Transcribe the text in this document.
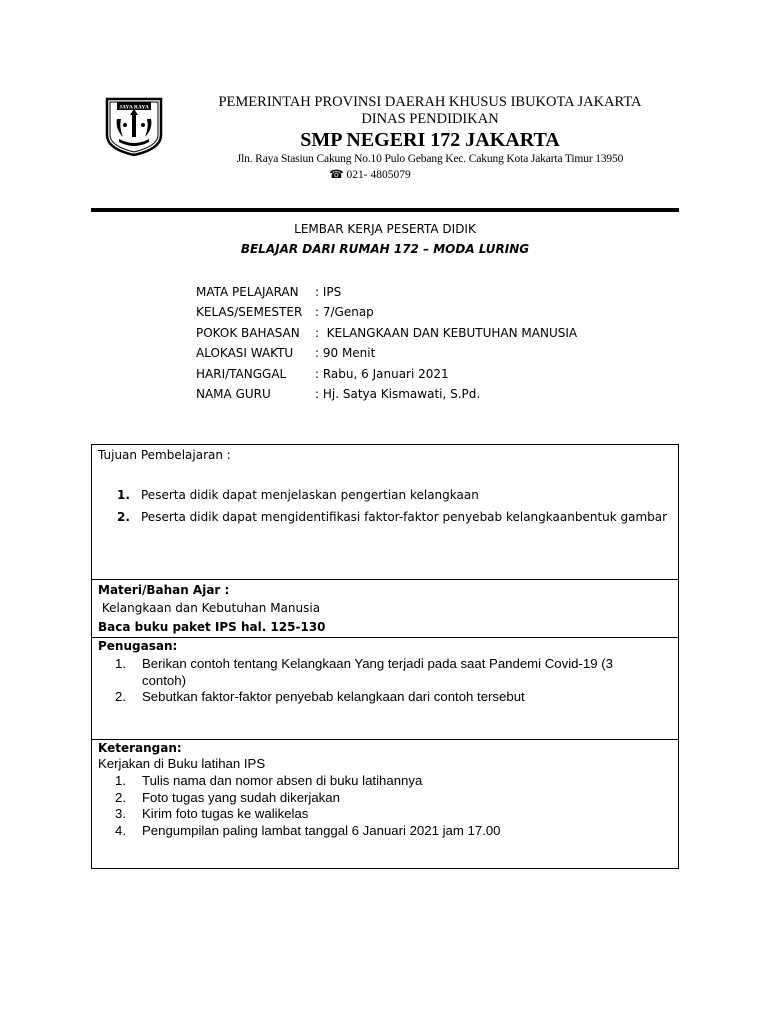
JAYA RAYA	PEMERINTAH PROVINSI DAERAH KHUSUS IBUKOTA JAKARTA
DINAS PENDIDIKAN
SMP NEGERI 172 JAKARTA
Jln. Raya Stasiun Cakung No.10 Pulo Gebang Kec. Cakung Kota Jakarta Timur 13950
☎ 021- 4805079
LEMBAR KERJA PESERTA DIDIK
BELAJAR DARI RUMAH 172 – MODA LURING
MATA PELAJARAN	: IPS
KELAS/SEMESTER	: 7/Genap
POKOK BAHASAN	:  KELANGKAAN DAN KEBUTUHAN MANUSIA
ALOKASI WAKTU	: 90 Menit
HARI/TANGGAL	: Rabu, 6 Januari 2021
NAMA GURU	: Hj. Satya Kismawati, S.Pd.
Tujuan Pembelajaran :
1. Peserta didik dapat menjelaskan pengertian kelangkaan
2. Peserta didik dapat mengidentifikasi faktor-faktor penyebab kelangkaanbentuk gambar
Materi/Bahan Ajar :
Kelangkaan dan Kebutuhan Manusia
Baca buku paket IPS hal. 125-130
Penugasan:
1.	Berikan contoh tentang Kelangkaan Yang terjadi pada saat Pandemi Covid-19 (3 contoh)
2.	Sebutkan faktor-faktor penyebab kelangkaan dari contoh tersebut
Keterangan:
Kerjakan di Buku latihan IPS
1.	Tulis nama dan nomor absen di buku latihannya
2.	Foto tugas yang sudah dikerjakan
3.	Kirim foto tugas ke walikelas
4.	Pengumpilan paling lambat tanggal 6 Januari 2021 jam 17.00
